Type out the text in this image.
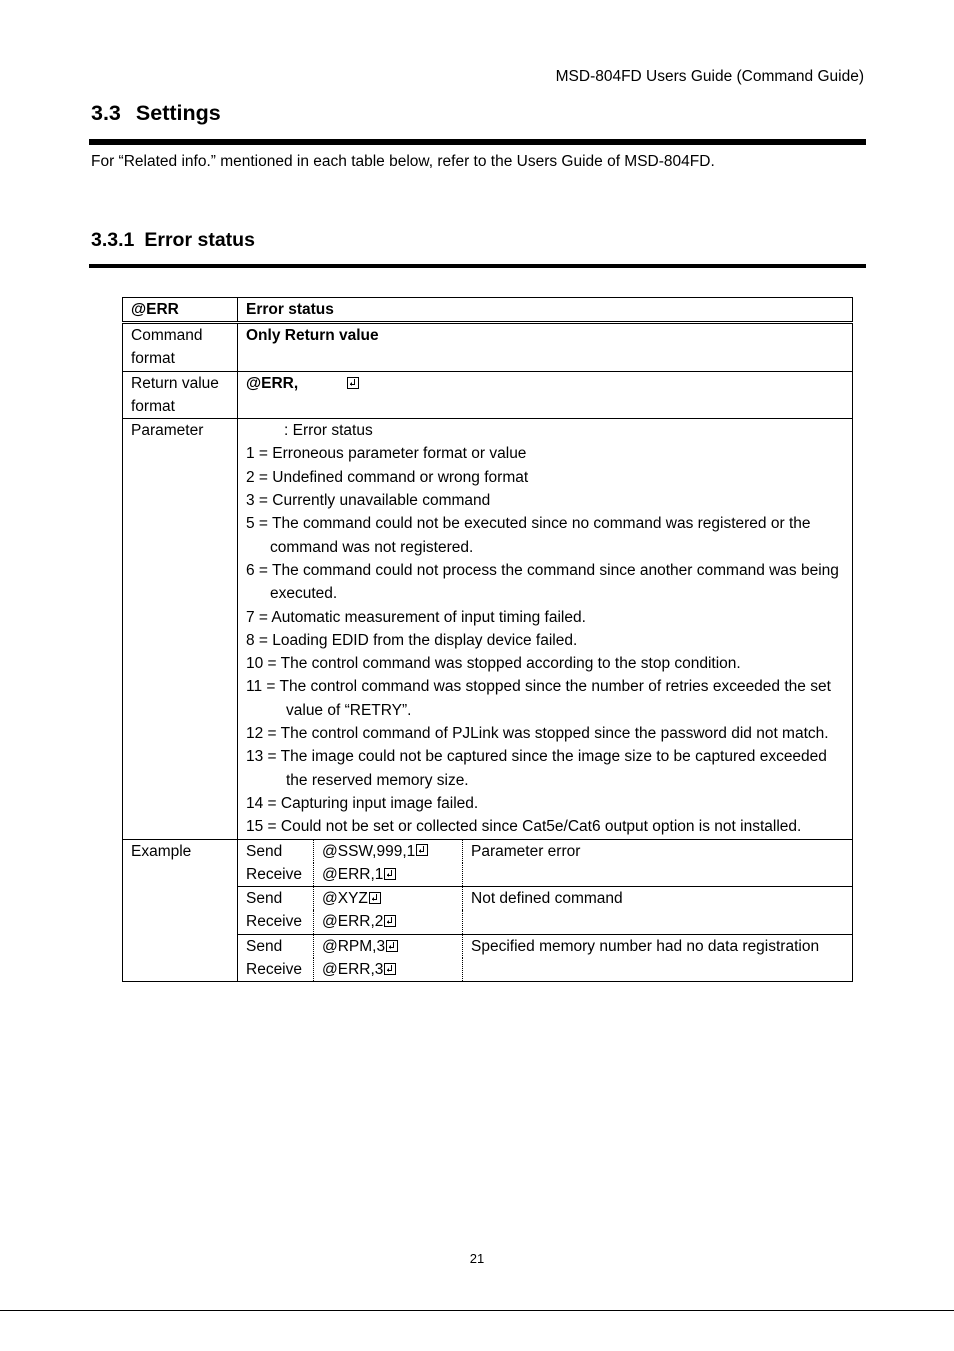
MSD-804FD Users Guide (Command Guide)
3.3 Settings
For “Related info.” mentioned in each table below, refer to the Users Guide of MSD-804FD.
3.3.1 Error status
@ERR	Error status
Command format	Only Return value
Return value format	@ERR,
Parameter	: Error status
1 = Erroneous parameter format or value
2 = Undefined command or wrong format
3 = Currently unavailable command
5 = The command could not be executed since no command was registered or the command was not registered.
6 = The command could not process the command since another command was being executed.
7 = Automatic measurement of input timing failed.
8 = Loading EDID from the display device failed.
10 = The control command was stopped according to the stop condition.
11 = The control command was stopped since the number of retries exceeded the set value of “RETRY”.
12 = The control command of PJLink was stopped since the password did not match.
13 = The image could not be captured since the image size to be captured exceeded the reserved memory size.
14 = Capturing input image failed.
15 = Could not be set or collected since Cat5e/Cat6 output option is not installed.

Example		Send	@SSW,999,1	Parameter error
Receive	@ERR,1
Send	@XYZ	Not defined command
Receive	@ERR,2
Send	@RPM,3	Specified memory number had no data registration
Receive	@ERR,3
21
